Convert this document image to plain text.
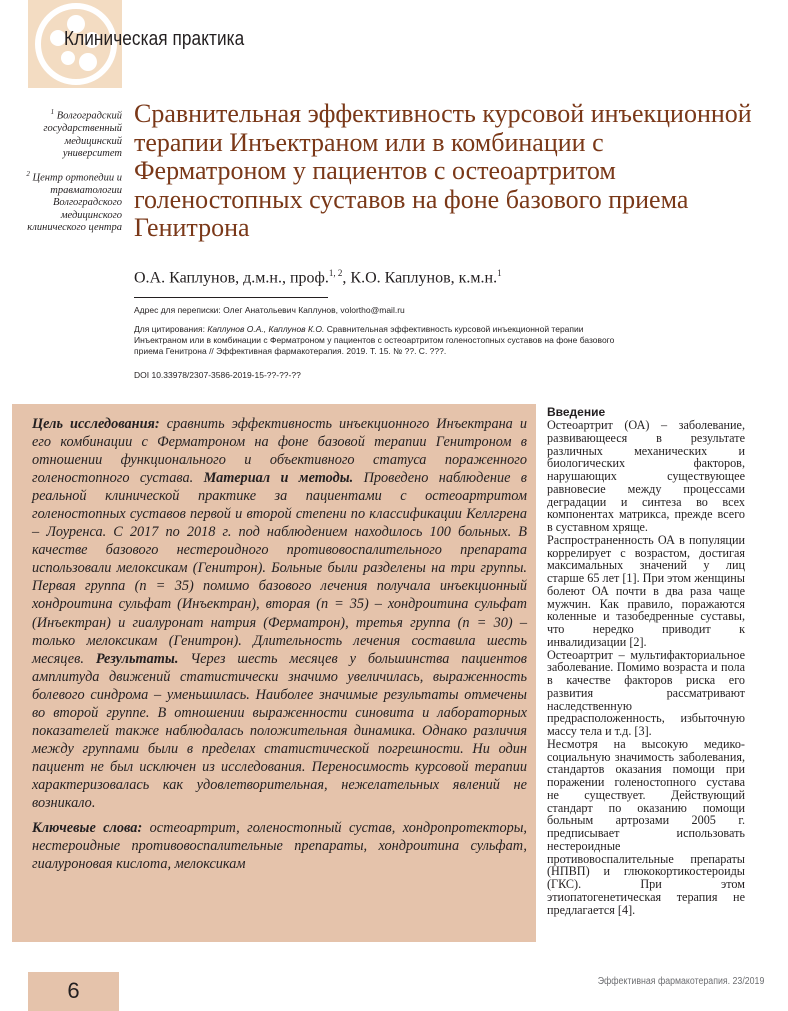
Клиническая практика

$^1$ Волгоградский государственный медицинский университет

$^2$ Центр ортопедии и травматологии Волгоградского медицинского клинического центра

Сравнительная эффективность курсовой инъекционной терапии Инъектраном или в комбинации с Ферматроном у пациентов с остеоартритом голеностопных суставов на фоне базового приема Генитрона
О.А. Каплунов, д.м.н., проф.$^{1, 2}$, К.О. Каплунов, к.м.н.$^1$
Адрес для переписки: Олег Анатольевич Каплунов, volortho@mail.ru
Для цитирования: Каплунов О.А., Каплунов К.О. Сравнительная эффективность курсовой инъекционной терапии Инъектраном или в комбинации с Ферматроном у пациентов с остеоартритом голеностопных суставов на фоне базового приема Генитрона // Эффективная фармакотерапия. 2019. Т. 15. № ??. С. ???.
DOI 10.33978/2307-3586-2019-15-??-??-??

Цель исследования: сравнить эффективность инъекционного Инъектрана и его комбинации с Ферматроном на фоне базовой терапии Генитроном в отношении функционального и объективного статуса пораженного голеностопного сустава. Материал и методы. Проведено наблюдение в реальной клинической практике за пациентами с остеоартритом голеностопных суставов первой и второй степени по классификации Келлгрена – Лоуренса. С 2017 по 2018 г. под наблюдением находилось 100 больных. В качестве базового нестероидного противовоспалительного препарата использовали мелоксикам (Генитрон). Больные были разделены на три группы. Первая группа (n = 35) помимо базового лечения получала инъекционный хондроитина сульфат (Инъектран), вторая (n = 35) – хондроитина сульфат (Инъектран) и гиалуронат натрия (Ферматрон), третья группа (n = 30) – только мелоксикам (Генитрон). Длительность лечения составила шесть месяцев. Результаты. Через шесть месяцев у большинства пациентов амплитуда движений статистически значимо увеличилась, выраженность болевого синдрома – уменьшилась. Наиболее значимые результаты отмечены во второй группе. В отношении выраженности синовита и лабораторных показателей также наблюдалась положительная динамика. Однако различия между группами были в пределах статистической погрешности. Ни один пациент не был исключен из исследования. Переносимость курсовой терапии характеризовалась как удовлетворительная, нежелательных явлений не возникало.

Ключевые слова: остеоартрит, голеностопный сустав, хондропротекторы, нестероидные противовоспалительные препараты, хондроитина сульфат, гиалуроновая кислота, мелоксикам

Введение

Остеоартрит (ОА) – заболевание, развивающееся в результате различных механических и биологических факторов, нарушающих существующее равновесие между процессами деградации и синтеза во всех компонентах матрикса, прежде всего в суставном хряще.

Распространенность ОА в популяции коррелирует с возрастом, достигая максимальных значений у лиц старше 65 лет [1]. При этом женщины болеют ОА почти в два раза чаще мужчин. Как правило, поражаются коленные и тазобедренные суставы, что нередко приводит к инвалидизации [2].

Остеоартрит – мультифакториальное заболевание. Помимо возраста и пола в качестве факторов риска его развития рассматривают наследственную предрасположенность, избыточную массу тела и т.д. [3].

Несмотря на высокую медико-социальную значимость заболевания, стандартов оказания помощи при поражении голеностопного сустава не существует. Действующий стандарт по оказанию помощи больным артрозами 2005 г. предписывает использовать нестероидные противовоспалительные препараты (НПВП) и глюкокортикостероиды (ГКС). При этом этиопатогенетическая терапия не предлагается [4].

6	Эффективная фармакотерапия. 23/2019
